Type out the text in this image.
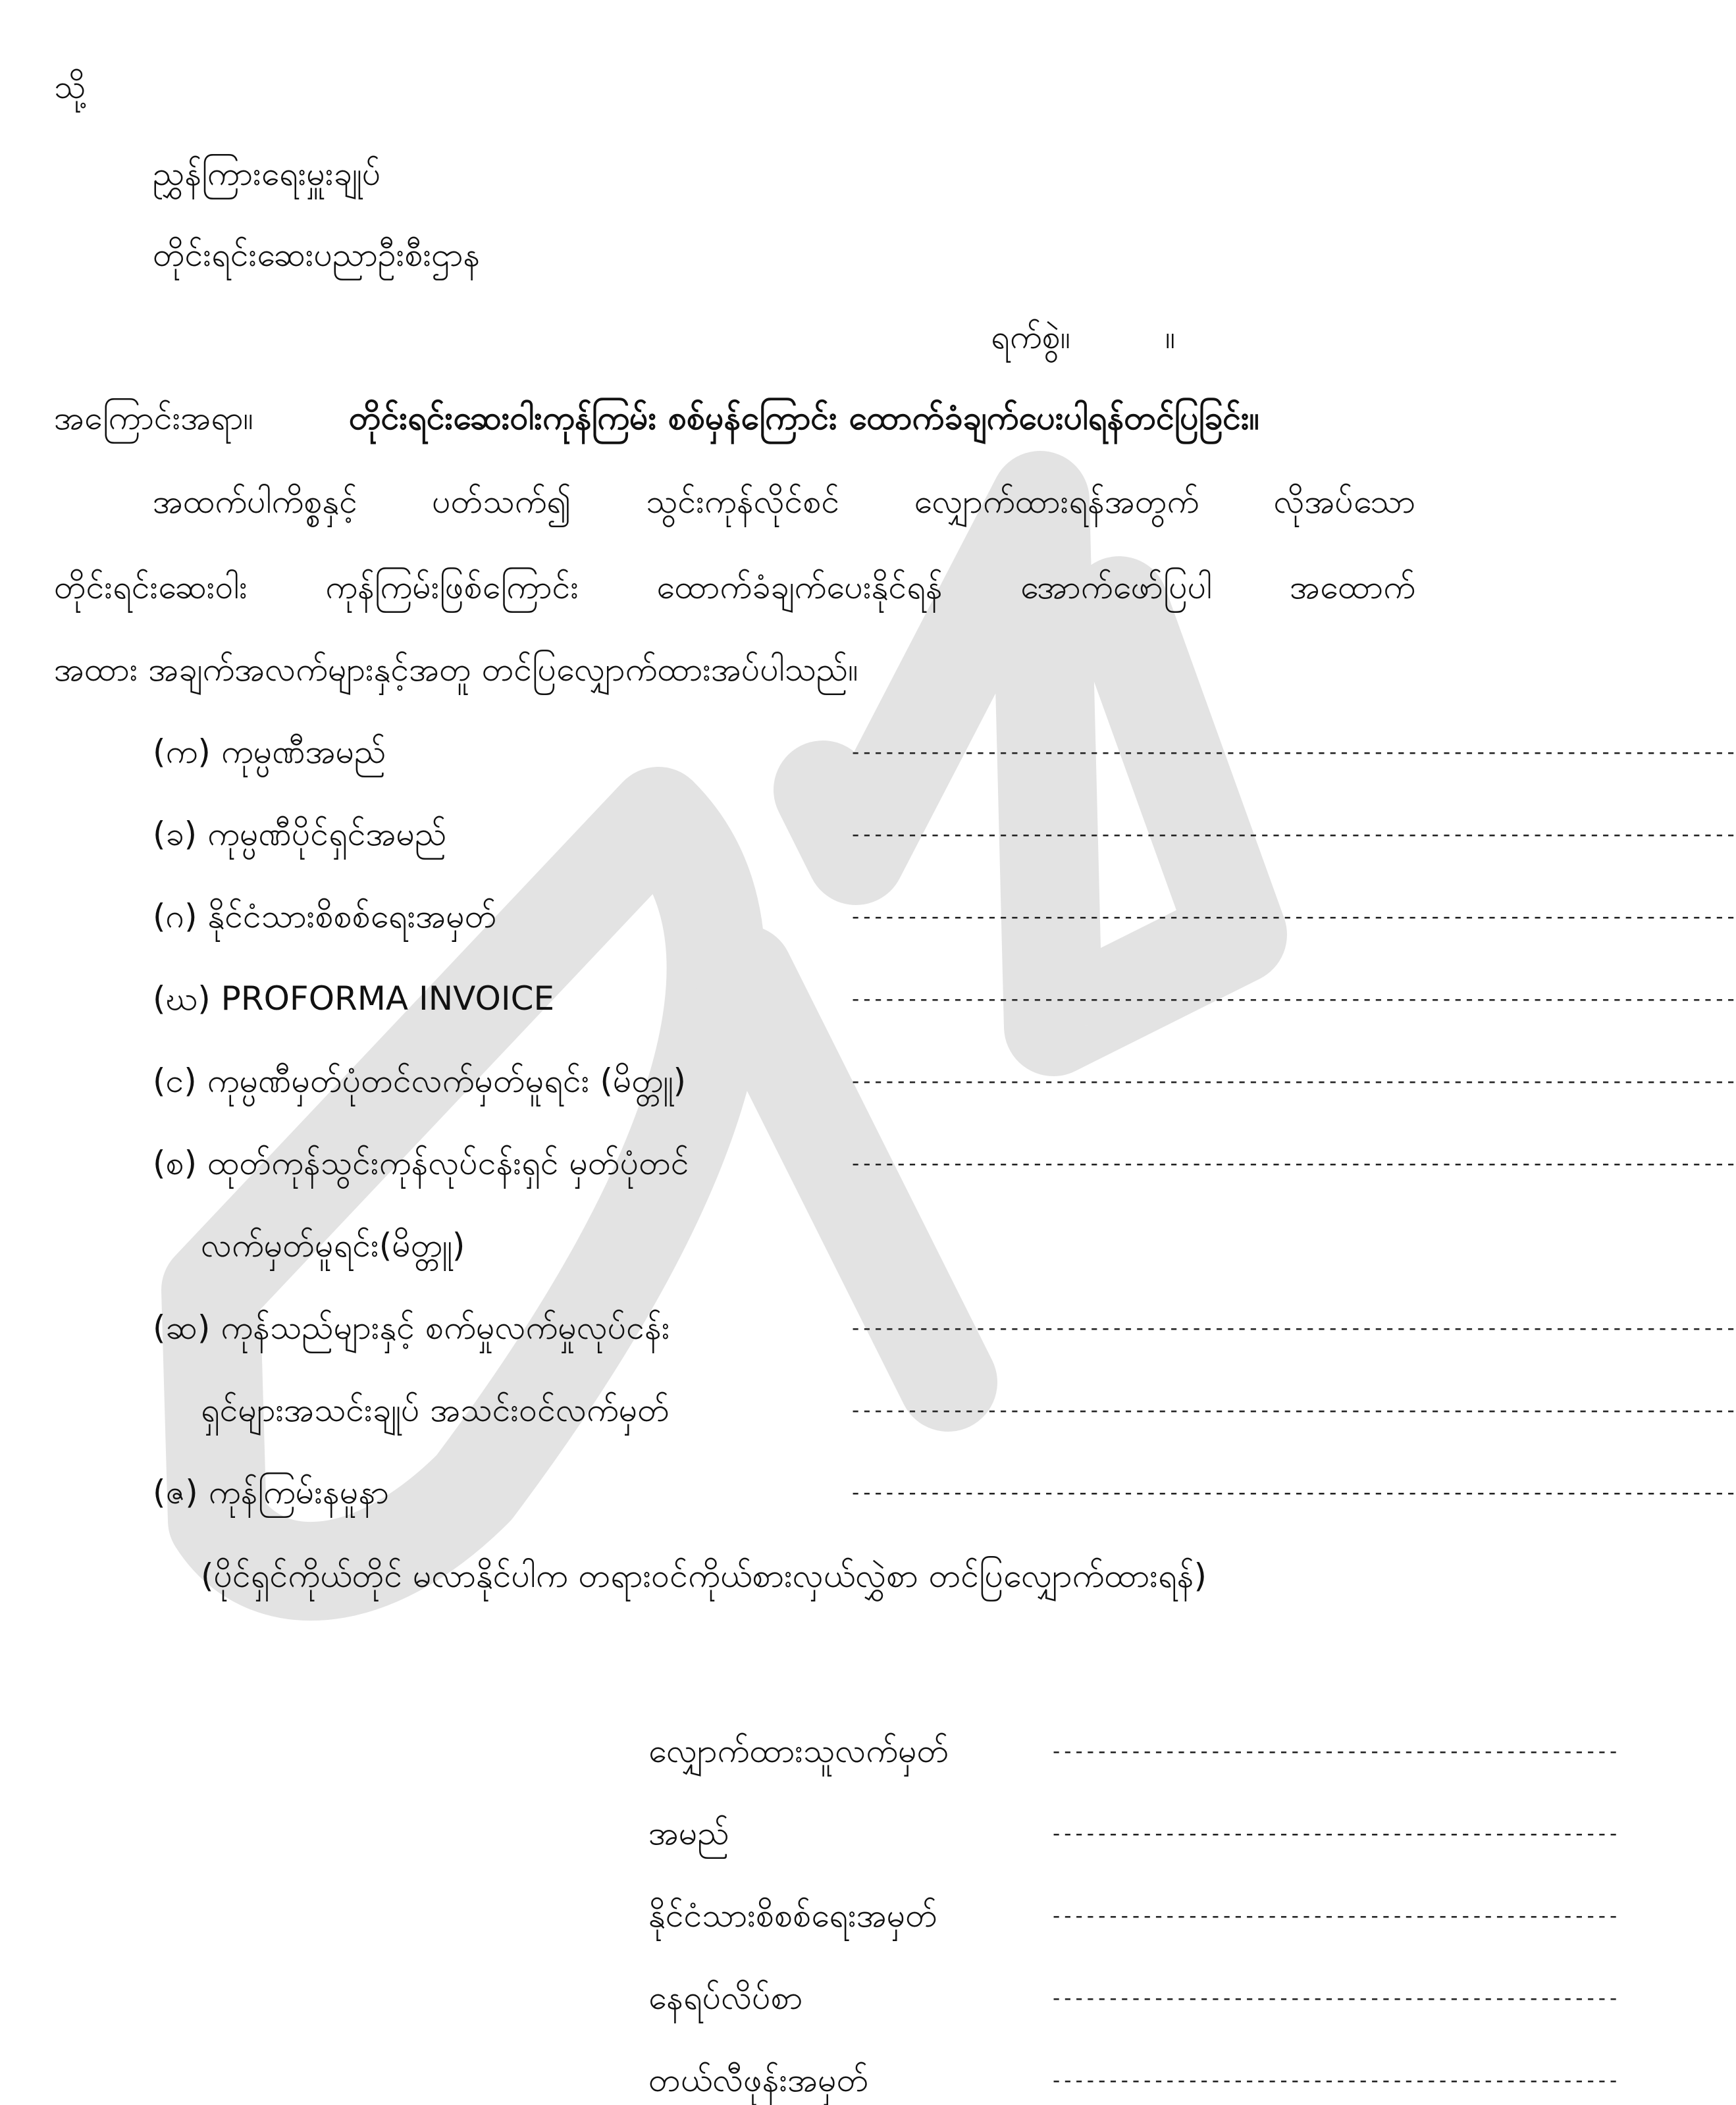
သို့
ညွှန်ကြားရေးမှူးချုပ်
တိုင်းရင်းဆေးပညာဦးစီးဌာန
ရက်စွဲ။	။
အကြောင်းအရာ။	တိုင်းရင်းဆေးဝါးကုန်ကြမ်း စစ်မှန်ကြောင်း ထောက်ခံချက်ပေးပါရန်တင်ပြခြင်း။
အထက်ပါကိစ္စနှင့် ပတ်သက်၍ သွင်းကုန်လိုင်စင် လျှောက်ထားရန်အတွက် လိုအပ်သော
တိုင်းရင်းဆေးဝါး ကုန်ကြမ်းဖြစ်ကြောင်း ထောက်ခံချက်ပေးနိုင်ရန် အောက်ဖော်ပြပါ အထောက်
အထား အချက်အလက်များနှင့်အတူ တင်ပြလျှောက်ထားအပ်ပါသည်။
(က) ကုမ္ပဏီအမည်	------------------------------------------------------------------------------
(ခ) ကုမ္ပဏီပိုင်ရှင်အမည်	------------------------------------------------------------------------------
(ဂ) နိုင်ငံသားစိစစ်ရေးအမှတ်	------------------------------------------------------------------------------
(ဃ) PROFORMA INVOICE	------------------------------------------------------------------------------
(င) ကုမ္ပဏီမှတ်ပုံတင်လက်မှတ်မူရင်း (မိတ္တူ)	------------------------------------------------------------------------------
(စ) ထုတ်ကုန်သွင်းကုန်လုပ်ငန်းရှင် မှတ်ပုံတင်	------------------------------------------------------------------------------
လက်မှတ်မူရင်း(မိတ္တူ)
(ဆ) ကုန်သည်များနှင့် စက်မှုလက်မှုလုပ်ငန်း	------------------------------------------------------------------------------
ရှင်များအသင်းချုပ် အသင်းဝင်လက်မှတ်	------------------------------------------------------------------------------
(ဇ) ကုန်ကြမ်းနမူနာ	------------------------------------------------------------------------------
(ပိုင်ရှင်ကိုယ်တိုင် မလာနိုင်ပါက တရားဝင်ကိုယ်စားလှယ်လွှဲစာ တင်ပြလျှောက်ထားရန်)
လျှောက်ထားသူလက်မှတ်	--------------------------------------------------
အမည်	--------------------------------------------------
နိုင်ငံသားစိစစ်ရေးအမှတ်	--------------------------------------------------
နေရပ်လိပ်စာ	--------------------------------------------------
တယ်လီဖုန်းအမှတ်	--------------------------------------------------
